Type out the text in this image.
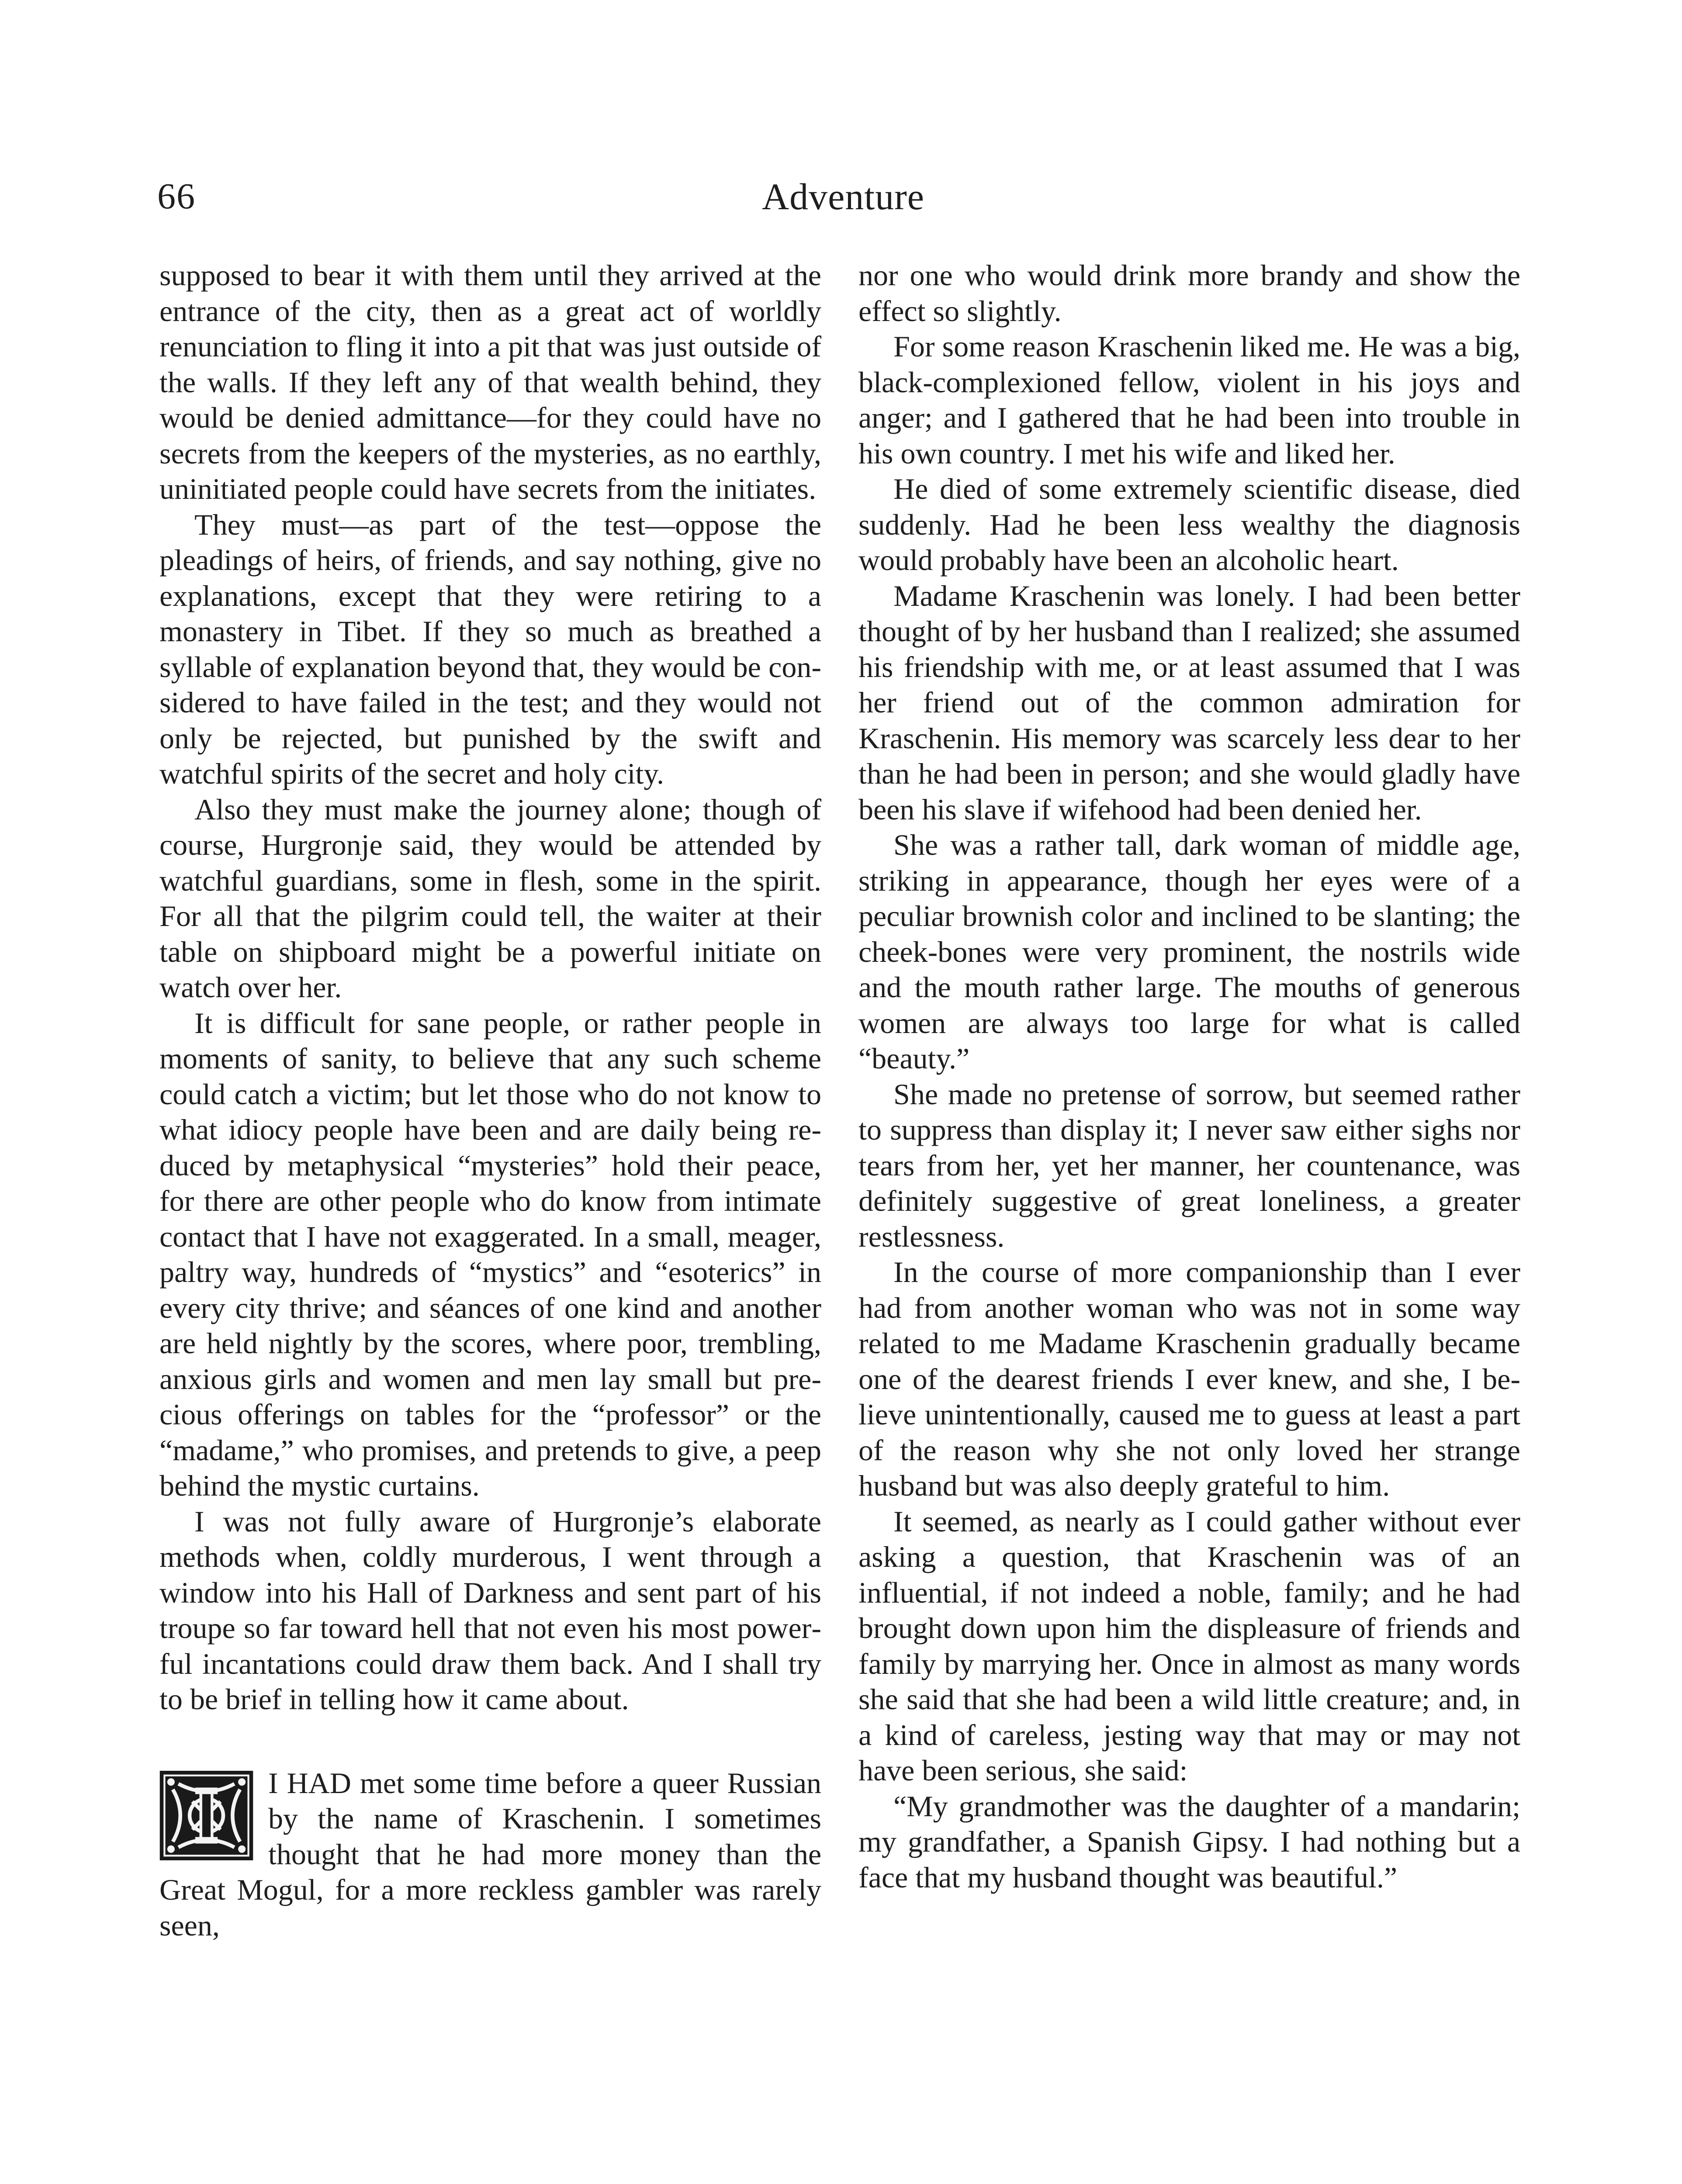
66	Adventure

supposed to bear it with them until they arrived at the entrance of the city, then as a great act of worldly renunciation to fling it into a pit that was just outside of the walls. If they left any of that wealth behind, they would be denied admittance—for they could have no secrets from the keepers of the mysteries, as no earthly, uninitiated people could have secrets from the initiates.

They must—as part of the test—oppose the pleadings of heirs, of friends, and say nothing, give no explanations, except that they were retiring to a monastery in Tibet. If they so much as breathed a syllable of explanation beyond that, they would be considered to have failed in the test; and they would not only be rejected, but punished by the swift and watchful spirits of the secret and holy city.

Also they must make the journey alone; though of course, Hurgronje said, they would be attended by watchful guardians, some in flesh, some in the spirit. For all that the pilgrim could tell, the waiter at their table on shipboard might be a powerful initiate on watch over her.

It is difficult for sane people, or rather people in moments of sanity, to believe that any such scheme could catch a victim; but let those who do not know to what idiocy people have been and are daily being reduced by metaphysical “mysteries” hold their peace, for there are other people who do know from intimate contact that I have not exaggerated. In a small, meager, paltry way, hundreds of “mystics” and “esoterics” in every city thrive; and séances of one kind and another are held nightly by the scores, where poor, trembling, anxious girls and women and men lay small but precious offerings on tables for the “professor” or the “madame,” who promises, and pretends to give, a peep behind the mystic curtains.

I was not fully aware of Hurgronje’s elaborate methods when, coldly murderous, I went through a window into his Hall of Darkness and sent part of his troupe so far toward hell that not even his most powerful incantations could draw them back. And I shall try to be brief in telling how it came about.

I HAD met some time before a queer Russian by the name of Kraschenin. I sometimes thought that he had more money than the Great Mogul, for a more reckless gambler was rarely seen,

nor one who would drink more brandy and show the effect so slightly.

For some reason Kraschenin liked me. He was a big, black-complexioned fellow, violent in his joys and anger; and I gathered that he had been into trouble in his own country. I met his wife and liked her.

He died of some extremely scientific disease, died suddenly. Had he been less wealthy the diagnosis would probably have been an alcoholic heart.

Madame Kraschenin was lonely. I had been better thought of by her husband than I realized; she assumed his friendship with me, or at least assumed that I was her friend out of the common admiration for Kraschenin. His memory was scarcely less dear to her than he had been in person; and she would gladly have been his slave if wifehood had been denied her.

She was a rather tall, dark woman of middle age, striking in appearance, though her eyes were of a peculiar brownish color and inclined to be slanting; the cheek-bones were very prominent, the nostrils wide and the mouth rather large. The mouths of generous women are always too large for what is called “beauty.”

She made no pretense of sorrow, but seemed rather to suppress than display it; I never saw either sighs nor tears from her, yet her manner, her countenance, was definitely suggestive of great loneliness, a greater restlessness.

In the course of more companionship than I ever had from another woman who was not in some way related to me Madame Kraschenin gradually became one of the dearest friends I ever knew, and she, I believe unintentionally, caused me to guess at least a part of the reason why she not only loved her strange husband but was also deeply grateful to him.

It seemed, as nearly as I could gather without ever asking a question, that Kraschenin was of an influential, if not indeed a noble, family; and he had brought down upon him the displeasure of friends and family by marrying her. Once in almost as many words she said that she had been a wild little creature; and, in a kind of careless, jesting way that may or may not have been serious, she said:

“My grandmother was the daughter of a mandarin; my grandfather, a Spanish Gipsy. I had nothing but a face that my husband thought was beautiful.”
